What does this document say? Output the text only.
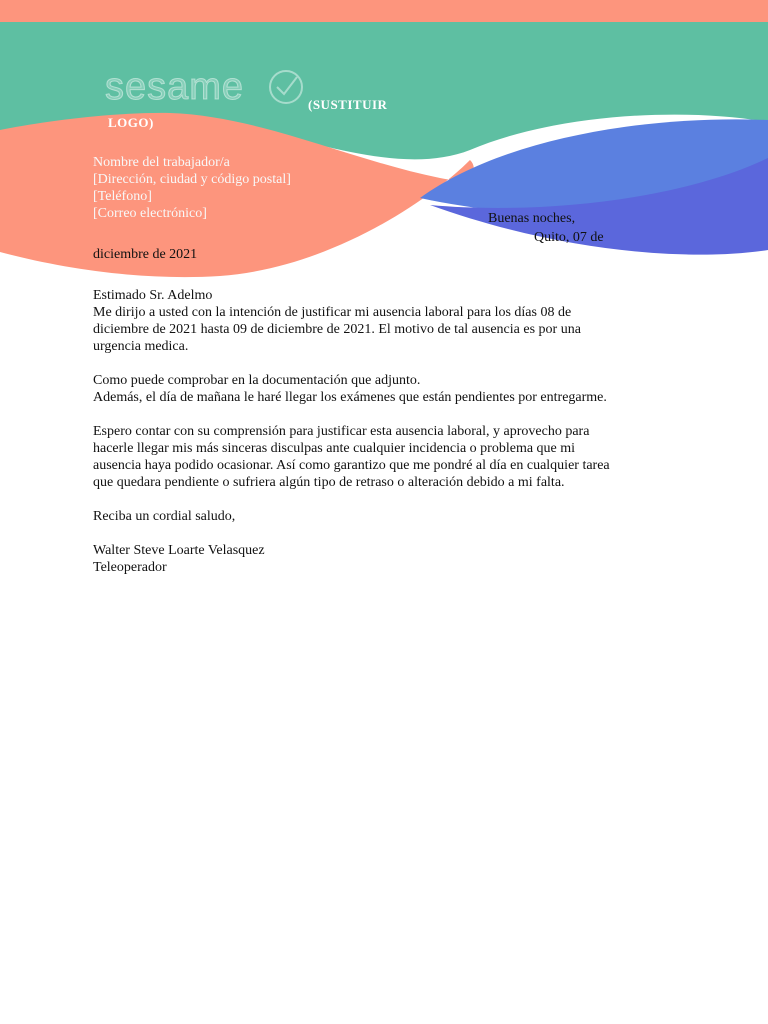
sesame	(SUSTITUIR
LOGO)
Nombre del trabajador/a
[Dirección, ciudad y código postal]
[Teléfono]
[Correo electrónico]	Buenas noches,
Quito, 07 de
diciembre de 2021

Estimado Sr. Adelmo

Me dirijo a usted con la intención de justificar mi ausencia laboral para los días 08 de

diciembre de 2021 hasta 09 de diciembre de 2021. El motivo de tal ausencia es por una

urgencia medica.

Como puede comprobar en la documentación que adjunto.

Además, el día de mañana le haré llegar los exámenes que están pendientes por entregarme.

Espero contar con su comprensión para justificar esta ausencia laboral, y aprovecho para

hacerle llegar mis más sinceras disculpas ante cualquier incidencia o problema que mi

ausencia haya podido ocasionar. Así como garantizo que me pondré al día en cualquier tarea

que quedara pendiente o sufriera algún tipo de retraso o alteración debido a mi falta.

Reciba un cordial saludo,

Walter Steve Loarte Velasquez

Teleoperador
